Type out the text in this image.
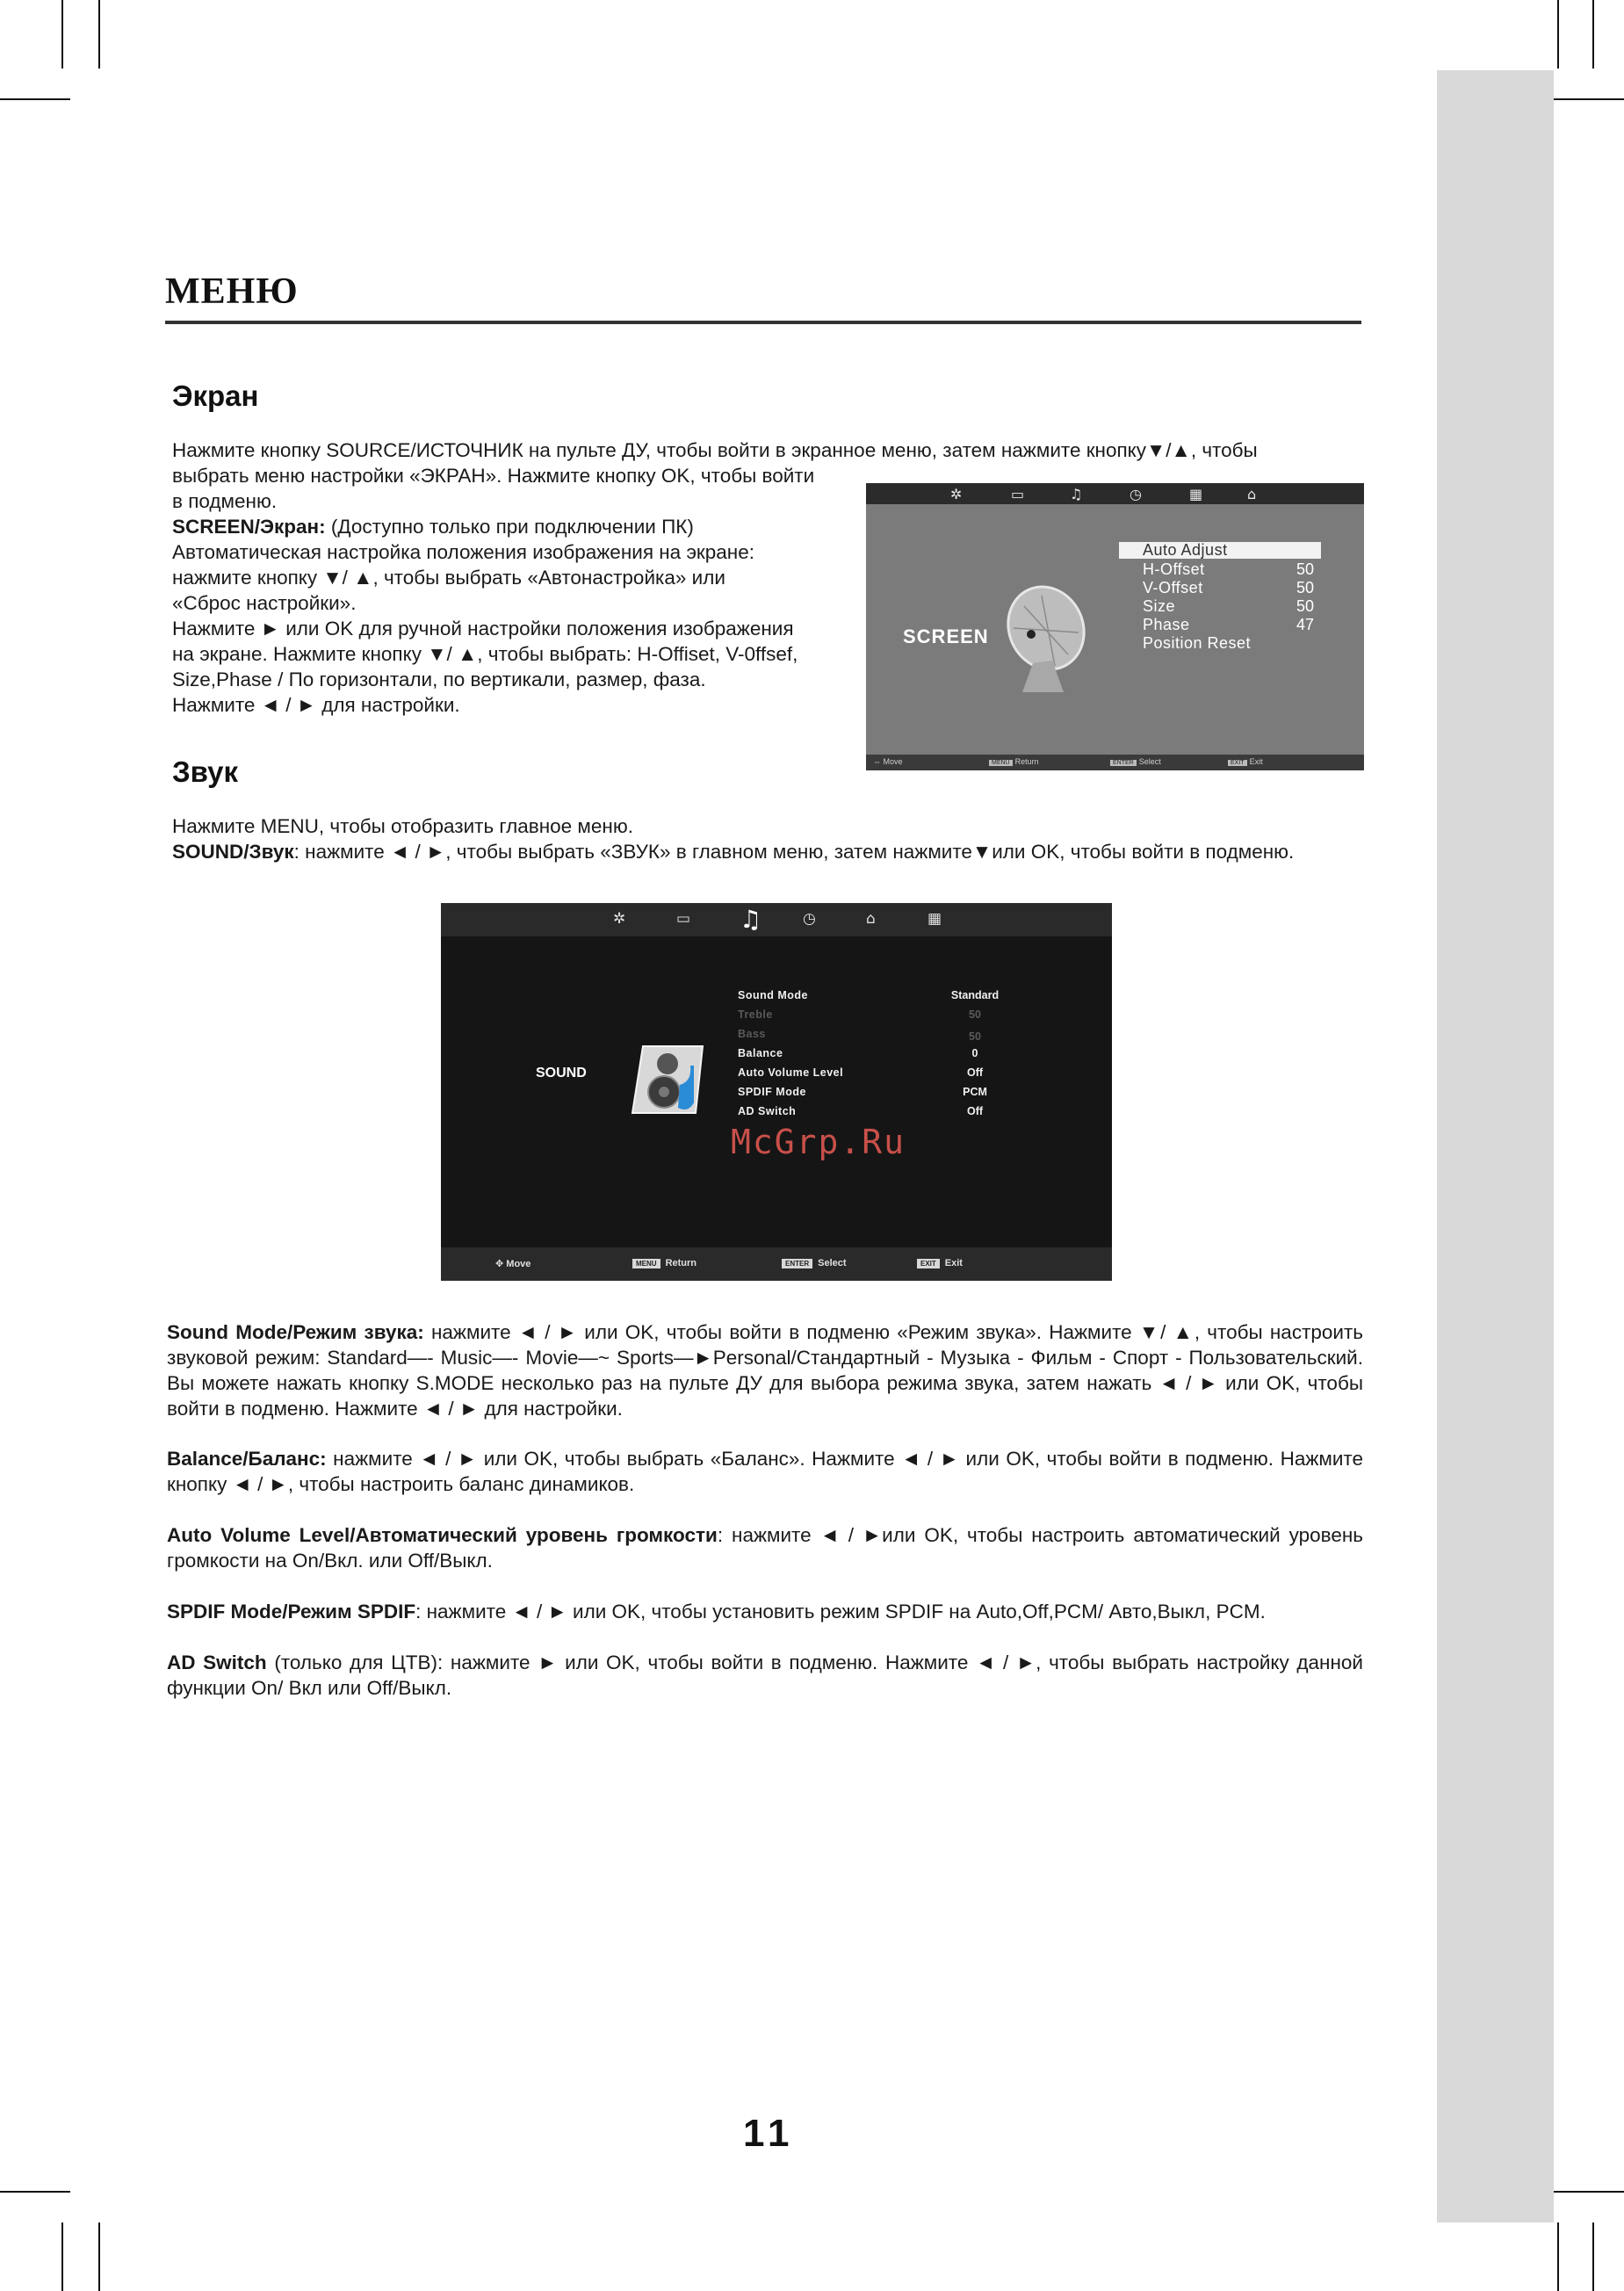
МЕНЮ
Экран
Нажмите кнопку SOURCE/ИСТОЧНИК на пульте ДУ, чтобы войти в экранное меню, затем нажмите кнопку▼/▲, чтобы
выбрать меню настройки «ЭКРАН». Нажмите кнопку OK, чтобы войти
в подменю.
SCREEN/Экран: (Доступно только при подключении ПК)
Автоматическая настройка положения изображения на экране:
нажмите кнопку ▼/ ▲, чтобы выбрать «Автонастройка» или
«Сброс настройки».
Нажмите ► или OK для ручной настройки положения изображения
на экране. Нажмите кнопку ▼/ ▲, чтобы выбрать: H-Offiset, V-0ffsef,
Size,Phase / По горизонтали, по вертикали, размер, фаза.
Нажмите ◄ / ► для настройки.
✲	▭	♫	◷	▦	⌂
SCREEN
Auto Adjust
H-Offset	50
V-Offset	50
Size	50
Phase	47
Position Reset
⇔ Move	MENU Return	ENTER Select	EXIT Exit
Звук
Нажмите MENU, чтобы отобразить главное меню.
SOUND/Звук: нажмите ◄ / ►, чтобы выбрать «ЗВУК» в главном меню, затем нажмите▼или OK, чтобы войти в подменю.
✲	▭ ♫	◷	⌂	▦
SOUND
Sound Mode	Standard
Treble	50
Bass	50
Balance	0
Auto Volume Level	Off
SPDIF Mode	PCM
AD Switch	Off
McGrp.Ru
✥ Move	MENU Return	ENTER Select	EXIT Exit
Sound Mode/Режим звука: нажмите ◄ / ► или OK, чтобы войти в подменю «Режим звука». Нажмите ▼/ ▲, чтобы настроить звуковой режим: Standard—- Music—- Movie—~ Sports—►Personal/Стандартный - Музыка - Фильм - Спорт - Пользовательский. Вы можете нажать кнопку S.MODE несколько раз на пульте ДУ для выбора режима звука, затем нажать ◄ / ► или OK, чтобы войти в подменю. Нажмите ◄ / ► для настройки.
Balance/Баланс: нажмите ◄ / ► или OK, чтобы выбрать «Баланс». Нажмите ◄ / ► или OK, чтобы войти в подменю. Нажмите кнопку ◄ / ►, чтобы настроить баланс динамиков.
Auto Volume Level/Автоматический уровень громкости: нажмите ◄ / ►или OK, чтобы настроить автоматический уровень громкости на On/Вкл. или Off/Выкл.
SPDIF Mode/Режим SPDIF: нажмите ◄ / ► или OK, чтобы установить режим SPDIF на Auto,Off,PCM/ Авто,Выкл, PCM.
AD Switch (только для ЦТВ): нажмите ► или OK, чтобы войти в подменю. Нажмите ◄ / ►, чтобы выбрать настройку данной функции On/ Вкл или Off/Выкл.
11
